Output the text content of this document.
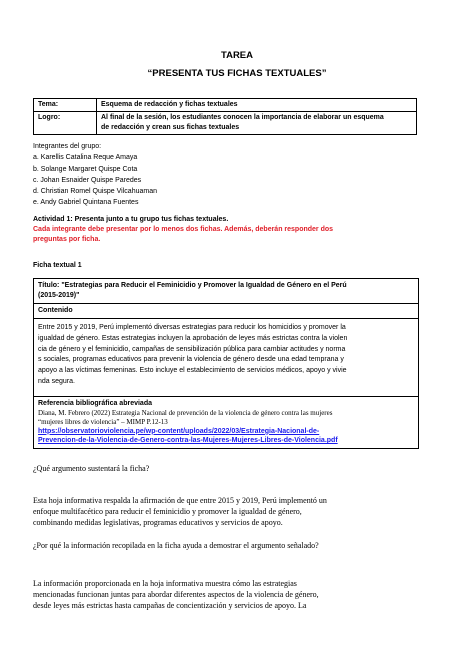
TAREA
“PRESENTA TUS FICHAS TEXTUALES”
Tema:	Esquema de redacción y fichas textuales
Logro:	Al final de la sesión, los estudiantes conocen la importancia de elaborar un esquema
de redacción y crean sus fichas textuales
Integrantes del grupo:
a. Karellis Catalina Reque Amaya
b. Solange Margaret Quispe Cota
c. Johan Esnaider Quispe Paredes
d. Christian Romel Quispe Vilcahuaman
e. Andy Gabriel Quintana Fuentes
Actividad 1: Presenta junto a tu grupo tus fichas textuales.
Cada integrante debe presentar por lo menos dos fichas. Además, deberán responder dos
preguntas por ficha.
Ficha textual 1
Título: "Estrategias para Reducir el Feminicidio y Promover la Igualdad de Género en el Perú
(2015-2019)"
Contenido
Entre 2015 y 2019, Perú implementó diversas estrategias para reducir los homicidios y promover la
igualdad de género. Estas estrategias incluyen la aprobación de leyes más estrictas contra la violen
cia de género y el feminicidio, campañas de sensibilización pública para cambiar actitudes y norma
s sociales, programas educativos para prevenir la violencia de género desde una edad temprana y
apoyo a las víctimas femeninas. Esto incluye el establecimiento de servicios médicos, apoyo y vivie
nda segura.
Referencia bibliográfica abreviada
Diana, M. Febrero (2022) Estrategia Nacional de prevención de la violencia de género contra las mujeres
“mujeres libres de violencia” – MIMP P.12-13
https://observatorioviolencia.pe/wp-content/uploads/2022/03/Estrategia-Nacional-de-
Prevencion-de-la-Violencia-de-Genero-contra-las-Mujeres-Mujeres-Libres-de-Violencia.pdf
¿Qué argumento sustentará la ficha?
Esta hoja informativa respalda la afirmación de que entre 2015 y 2019, Perú implementó un
enfoque multifacético para reducir el feminicidio y promover la igualdad de género,
combinando medidas legislativas, programas educativos y servicios de apoyo.
¿Por qué la información recopilada en la ficha ayuda a demostrar el argumento señalado?
La información proporcionada en la hoja informativa muestra cómo las estrategias
mencionadas funcionan juntas para abordar diferentes aspectos de la violencia de género,
desde leyes más estrictas hasta campañas de concientización y servicios de apoyo. La
